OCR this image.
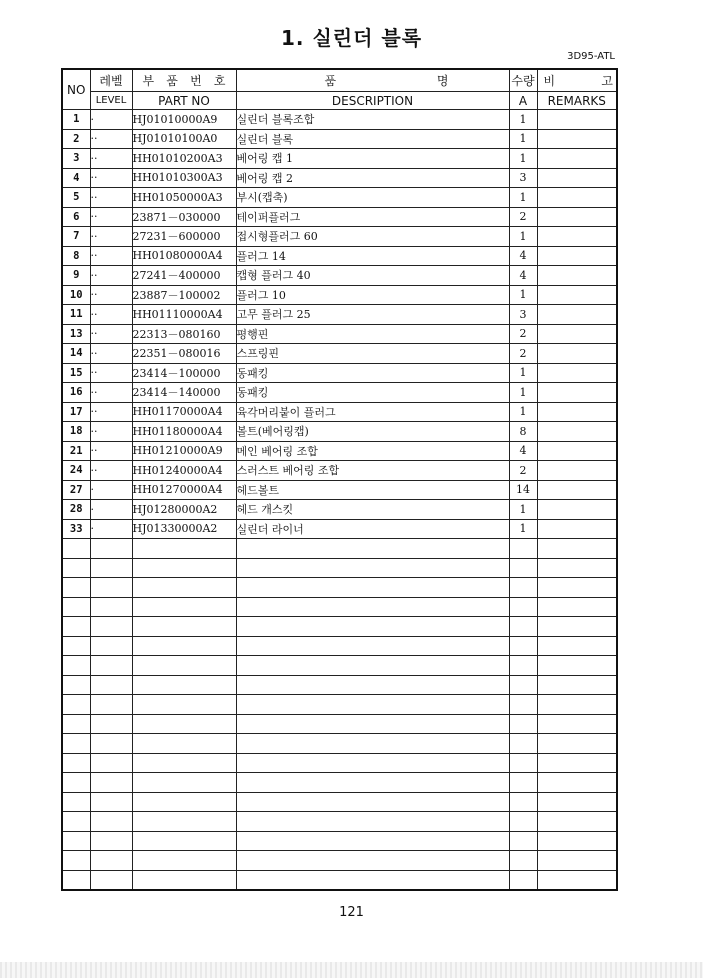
1. 실린더 블록
3D95-ATL
NO	레벨	부 품 번 호	품 명	수량	비 고

	LEVEL	PART NO	DESCRIPTION	A	REMARKS
1	·	HJ01010000A9	실린더 블록조합	1	
2	··	HJ01010100A0	실린더 블록	1	
3	··	HH01010200A3	베어링 캡 1	1	
4	··	HH01010300A3	베어링 캡 2	3	
5	··	HH01050000A3	부시(캡축)	1	
6	··	23871－030000	테이퍼플러그	2	
7	··	27231－600000	접시형플러그 60	1	
8	··	HH01080000A4	플러그 14	4	
9	··	27241－400000	캡형 플러그 40	4	
10	··	23887－100002	플러그 10	1	
11	··	HH01110000A4	고무 플러그 25	3	
13	··	22313－080160	평행핀	2	
14	··	22351－080016	스프링핀	2	
15	··	23414－100000	동패킹	1	
16	··	23414－140000	동패킹	1	
17	··	HH01170000A4	육각머리붙이 플러그	1	
18	··	HH01180000A4	볼트(베어링캡)	8	
21	··	HH01210000A9	메인 베어링 조합	4	
24	··	HH01240000A4	스러스트 베어링 조합	2	
27	·	HH01270000A4	헤드볼트	14	
28	·	HJ01280000A2	헤드 개스킷	1	
33	·	HJ01330000A2	실린더 라이너	1	

121
